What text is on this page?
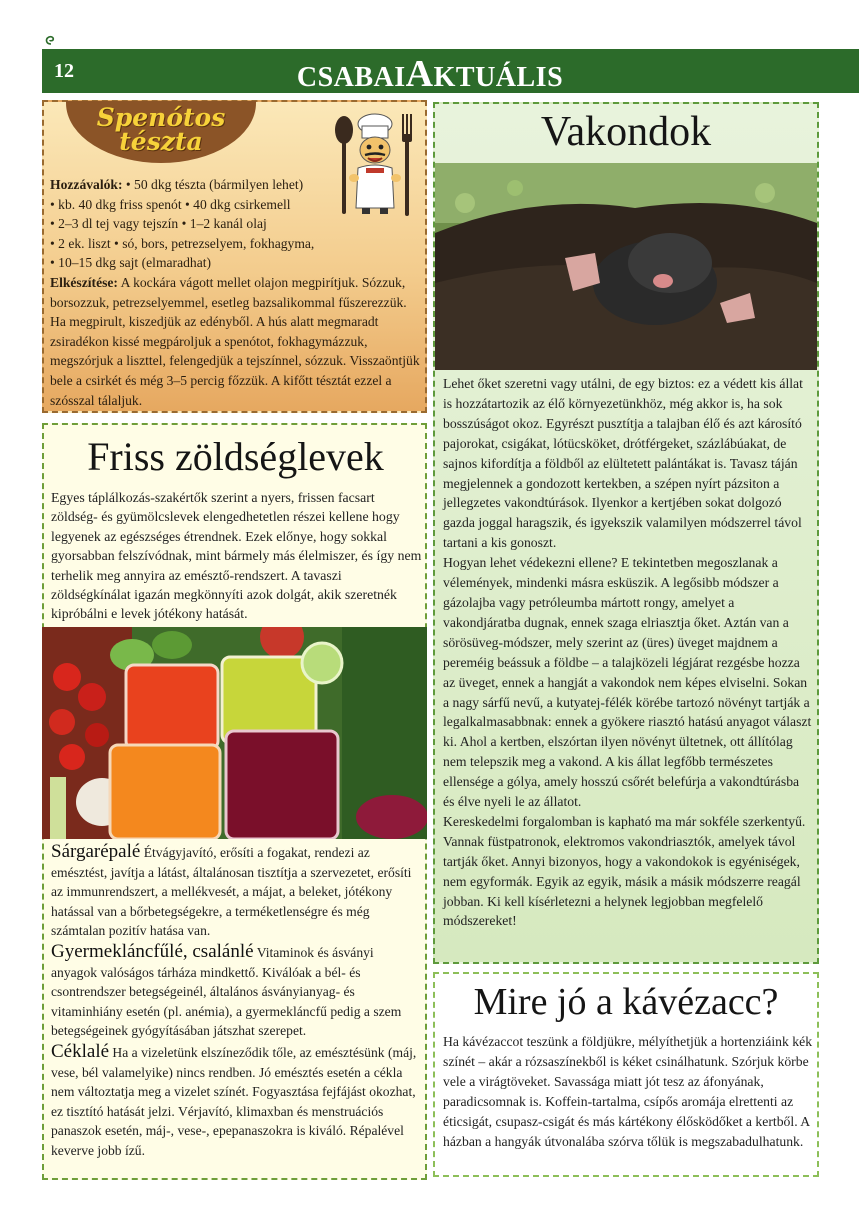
12	CSABAIAKTUÁLIS
Spenótos
tészta

Hozzávalók: • 50 dkg tészta (bármilyen lehet)

• kb. 40 dkg friss spenót • 40 dkg csirkemell

• 2–3 dl tej vagy tejszín • 1–2 kanál olaj

• 2 ek. liszt • só, bors, petrezselyem, fokhagyma,

• 10–15 dkg sajt (elmaradhat)

Elkészítése: A kockára vágott mellet olajon megpirítjuk. Sózzuk, borsozzuk, petrezselyemmel, esetleg bazsalikommal fűszerezzük. Ha megpirult, kiszedjük az edényből. A hús alatt megmaradt zsiradékon kissé megpároljuk a spenótot, fokhagymázzuk, megszórjuk a liszttel, felengedjük a tejszínnel, sózzuk. Visszaöntjük bele a csirkét és még 3–5 percig főzzük. A kifőtt tésztát ezzel a szósszal tálaljuk.

Friss zöldséglevek
Egyes táplálkozás-szakértők szerint a nyers, frissen facsart zöldség- és gyümölcslevek elengedhetetlen részei kellene hogy legyenek az egészséges étrendnek. Ezek előnye, hogy sokkal gyorsabban felszívódnak, mint bármely más élelmiszer, és így nem terhelik meg annyira az emésztő-rendszert. A tavaszi zöldségkínálat igazán megkönnyíti azok dolgát, akik szeretnék kipróbálni e levek jótékony hatását.

Sárgarépalé Étvágyjavító, erősíti a fogakat, rendezi az emésztést, javítja a látást, általánosan tisztítja a szervezetet, erősíti az immunrendszert, a mellékvesét, a májat, a beleket, jótékony hatással van a bőrbetegségekre, a terméketlenségre és még számtalan pozitív hatása van.

Gyermekláncfűlé, csalánlé Vitaminok és ásványi anyagok valóságos tárháza mindkettő. Kiválóak a bél- és csontrendszer betegségeinél, általános ásványianyag- és vitaminhiány esetén (pl. anémia), a gyermekláncfű pedig a szem betegségeinek gyógyításában játszhat szerepet.

Céklalé Ha a vizeletünk elszíneződik tőle, az emésztésünk (máj, vese, bél valamelyike) nincs rendben. Jó emésztés esetén a cékla nem változtatja meg a vizelet színét. Fogyasztása fejfájást okozhat, ez tisztító hatását jelzi. Vérjavító, klimaxban és menstruációs panaszok esetén, máj-, vese-, epepanaszokra is kiváló. Répalével keverve jobb ízű.

Vakondok

Lehet őket szeretni vagy utálni, de egy biztos: ez a védett kis állat is hozzátartozik az élő környezetünkhöz, még akkor is, ha sok bosszúságot okoz. Egyrészt pusztítja a talajban élő és azt károsító pajorokat, csigákat, lótücsköket, drótférgeket, százlábúakat, de sajnos kifordítja a földből az elültetett palántákat is. Tavasz táján megjelennek a gondozott kertekben, a szépen nyírt pázsiton a jellegzetes vakondtúrások. Ilyenkor a kertjében sokat dolgozó gazda joggal haragszik, és igyekszik valamilyen módszerrel távol tartani a kis gonoszt.

Hogyan lehet védekezni ellene? E tekintetben megoszlanak a vélemények, mindenki másra esküszik. A legősibb módszer a gázolajba vagy petróleumba mártott rongy, amelyet a vakondjáratba dugnak, ennek szaga elriasztja őket. Aztán van a sörösüveg-módszer, mely szerint az (üres) üveget majdnem a pereméig beássuk a földbe – a talajközeli légjárat rezgésbe hozza az üveget, ennek a hangját a vakondok nem képes elviselni. Sokan a nagy sárfű nevű, a kutyatej-félék körébe tartozó növényt tartják a legalkalmasabbnak: ennek a gyökere riasztó hatású anyagot választ ki. Ahol a kertben, elszórtan ilyen növényt ültetnek, ott állítólag nem telepszik meg a vakond. A kis állat legfőbb természetes ellensége a gólya, amely hosszú csőrét belefúrja a vakondtúrásba és élve nyeli le az állatot.

Kereskedelmi forgalomban is kapható ma már sokféle szerkentyű. Vannak füstpatronok, elektromos vakondriasztók, amelyek távol tartják őket. Annyi bizonyos, hogy a vakondokok is egyéniségek, nem egyformák. Egyik az egyik, másik a másik módszerre reagál jobban. Ki kell kísérletezni a helynek legjobban megfelelő módszereket!

Mire jó a kávézacc?
Ha kávézaccot teszünk a földjükre, mélyíthetjük a hortenziáink kék színét – akár a rózsaszínekből is kéket csinálhatunk. Szórjuk körbe vele a virágtöveket. Savassága miatt jót tesz az áfonyának, paradicsomnak is. Koffein-tartalma, csípős aromája elrettenti az éticsigát, csupasz-csigát és más kártékony élősködőket a kertből. A házban a hangyák útvonalába szórva tőlük is megszabadulhatunk.
